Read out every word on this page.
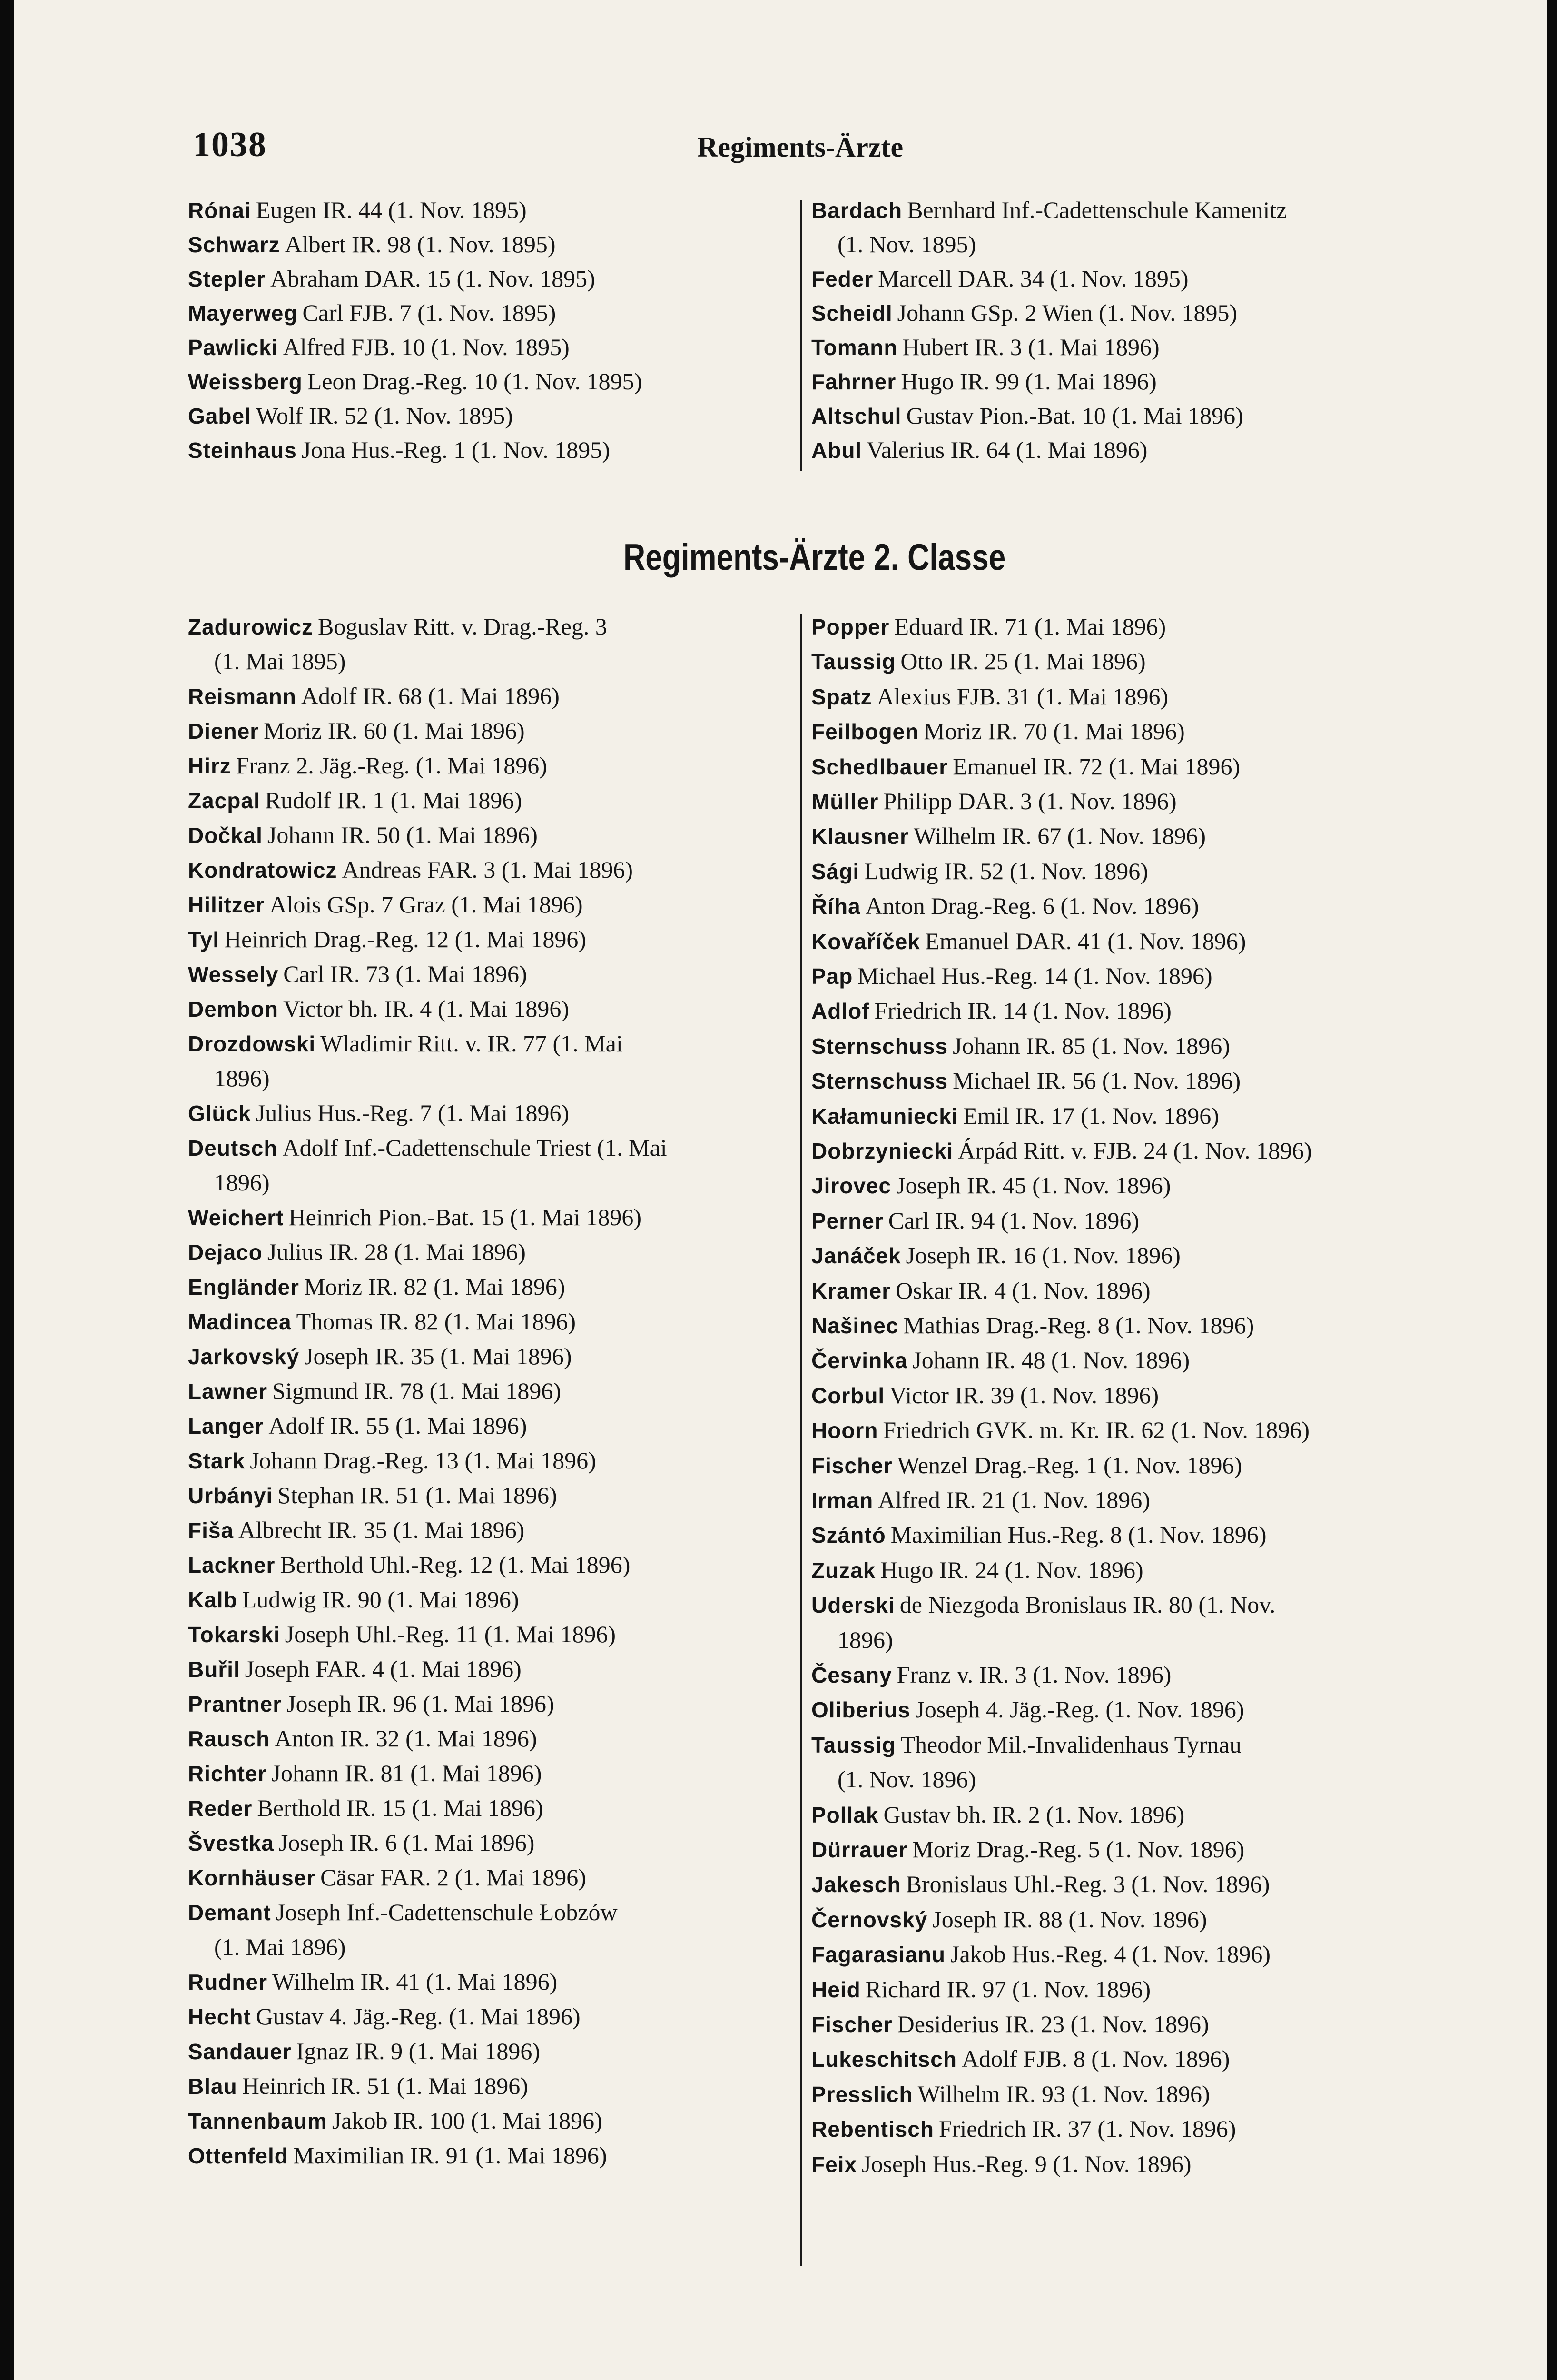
1038	Regiments-Ärzte
Rónai Eugen IR. 44 (1. Nov. 1895)
Schwarz Albert IR. 98 (1. Nov. 1895)
Stepler Abraham DAR. 15 (1. Nov. 1895)
Mayerweg Carl FJB. 7 (1. Nov. 1895)
Pawlicki Alfred FJB. 10 (1. Nov. 1895)
Weissberg Leon Drag.-Reg. 10 (1. Nov. 1895)
Gabel Wolf IR. 52 (1. Nov. 1895)
Steinhaus Jona Hus.-Reg. 1 (1. Nov. 1895)
Bardach Bernhard Inf.-Cadettenschule Kamenitz
(1. Nov. 1895)
Feder Marcell DAR. 34 (1. Nov. 1895)
Scheidl Johann GSp. 2 Wien (1. Nov. 1895)
Tomann Hubert IR. 3 (1. Mai 1896)
Fahrner Hugo IR. 99 (1. Mai 1896)
Altschul Gustav Pion.-Bat. 10 (1. Mai 1896)
Abul Valerius IR. 64 (1. Mai 1896)
Regiments-Ärzte 2. Classe
Zadurowicz Boguslav Ritt. v. Drag.-Reg. 3
(1. Mai 1895)
Reismann Adolf IR. 68 (1. Mai 1896)
Diener Moriz IR. 60 (1. Mai 1896)
Hirz Franz 2. Jäg.-Reg. (1. Mai 1896)
Zacpal Rudolf IR. 1 (1. Mai 1896)
Dočkal Johann IR. 50 (1. Mai 1896)
Kondratowicz Andreas FAR. 3 (1. Mai 1896)
Hilitzer Alois GSp. 7 Graz (1. Mai 1896)
Tyl Heinrich Drag.-Reg. 12 (1. Mai 1896)
Wessely Carl IR. 73 (1. Mai 1896)
Dembon Victor bh. IR. 4 (1. Mai 1896)
Drozdowski Wladimir Ritt. v. IR. 77 (1. Mai
1896)
Glück Julius Hus.-Reg. 7 (1. Mai 1896)
Deutsch Adolf Inf.-Cadettenschule Triest (1. Mai
1896)
Weichert Heinrich Pion.-Bat. 15 (1. Mai 1896)
Dejaco Julius IR. 28 (1. Mai 1896)
Engländer Moriz IR. 82 (1. Mai 1896)
Madincea Thomas IR. 82 (1. Mai 1896)
Jarkovský Joseph IR. 35 (1. Mai 1896)
Lawner Sigmund IR. 78 (1. Mai 1896)
Langer Adolf IR. 55 (1. Mai 1896)
Stark Johann Drag.-Reg. 13 (1. Mai 1896)
Urbányi Stephan IR. 51 (1. Mai 1896)
Fiša Albrecht IR. 35 (1. Mai 1896)
Lackner Berthold Uhl.-Reg. 12 (1. Mai 1896)
Kalb Ludwig IR. 90 (1. Mai 1896)
Tokarski Joseph Uhl.-Reg. 11 (1. Mai 1896)
Buřil Joseph FAR. 4 (1. Mai 1896)
Prantner Joseph IR. 96 (1. Mai 1896)
Rausch Anton IR. 32 (1. Mai 1896)
Richter Johann IR. 81 (1. Mai 1896)
Reder Berthold IR. 15 (1. Mai 1896)
Švestka Joseph IR. 6 (1. Mai 1896)
Kornhäuser Cäsar FAR. 2 (1. Mai 1896)
Demant Joseph Inf.-Cadettenschule Łobzów
(1. Mai 1896)
Rudner Wilhelm IR. 41 (1. Mai 1896)
Hecht Gustav 4. Jäg.-Reg. (1. Mai 1896)
Sandauer Ignaz IR. 9 (1. Mai 1896)
Blau Heinrich IR. 51 (1. Mai 1896)
Tannenbaum Jakob IR. 100 (1. Mai 1896)
Ottenfeld Maximilian IR. 91 (1. Mai 1896)
Popper Eduard IR. 71 (1. Mai 1896)
Taussig Otto IR. 25 (1. Mai 1896)
Spatz Alexius FJB. 31 (1. Mai 1896)
Feilbogen Moriz IR. 70 (1. Mai 1896)
Schedlbauer Emanuel IR. 72 (1. Mai 1896)
Müller Philipp DAR. 3 (1. Nov. 1896)
Klausner Wilhelm IR. 67 (1. Nov. 1896)
Sági Ludwig IR. 52 (1. Nov. 1896)
Říha Anton Drag.-Reg. 6 (1. Nov. 1896)
Kovaříček Emanuel DAR. 41 (1. Nov. 1896)
Pap Michael Hus.-Reg. 14 (1. Nov. 1896)
Adlof Friedrich IR. 14 (1. Nov. 1896)
Sternschuss Johann IR. 85 (1. Nov. 1896)
Sternschuss Michael IR. 56 (1. Nov. 1896)
Kałamuniecki Emil IR. 17 (1. Nov. 1896)
Dobrzyniecki Árpád Ritt. v. FJB. 24 (1. Nov. 1896)
Jirovec Joseph IR. 45 (1. Nov. 1896)
Perner Carl IR. 94 (1. Nov. 1896)
Janáček Joseph IR. 16 (1. Nov. 1896)
Kramer Oskar IR. 4 (1. Nov. 1896)
Našinec Mathias Drag.-Reg. 8 (1. Nov. 1896)
Červinka Johann IR. 48 (1. Nov. 1896)
Corbul Victor IR. 39 (1. Nov. 1896)
Hoorn Friedrich GVK. m. Kr. IR. 62 (1. Nov. 1896)
Fischer Wenzel Drag.-Reg. 1 (1. Nov. 1896)
Irman Alfred IR. 21 (1. Nov. 1896)
Szántó Maximilian Hus.-Reg. 8 (1. Nov. 1896)
Zuzak Hugo IR. 24 (1. Nov. 1896)
Uderski de Niezgoda Bronislaus IR. 80 (1. Nov.
1896)
Česany Franz v. IR. 3 (1. Nov. 1896)
Oliberius Joseph 4. Jäg.-Reg. (1. Nov. 1896)
Taussig Theodor Mil.-Invalidenhaus Tyrnau
(1. Nov. 1896)
Pollak Gustav bh. IR. 2 (1. Nov. 1896)
Dürrauer Moriz Drag.-Reg. 5 (1. Nov. 1896)
Jakesch Bronislaus Uhl.-Reg. 3 (1. Nov. 1896)
Černovský Joseph IR. 88 (1. Nov. 1896)
Fagarasianu Jakob Hus.-Reg. 4 (1. Nov. 1896)
Heid Richard IR. 97 (1. Nov. 1896)
Fischer Desiderius IR. 23 (1. Nov. 1896)
Lukeschitsch Adolf FJB. 8 (1. Nov. 1896)
Presslich Wilhelm IR. 93 (1. Nov. 1896)
Rebentisch Friedrich IR. 37 (1. Nov. 1896)
Feix Joseph Hus.-Reg. 9 (1. Nov. 1896)
